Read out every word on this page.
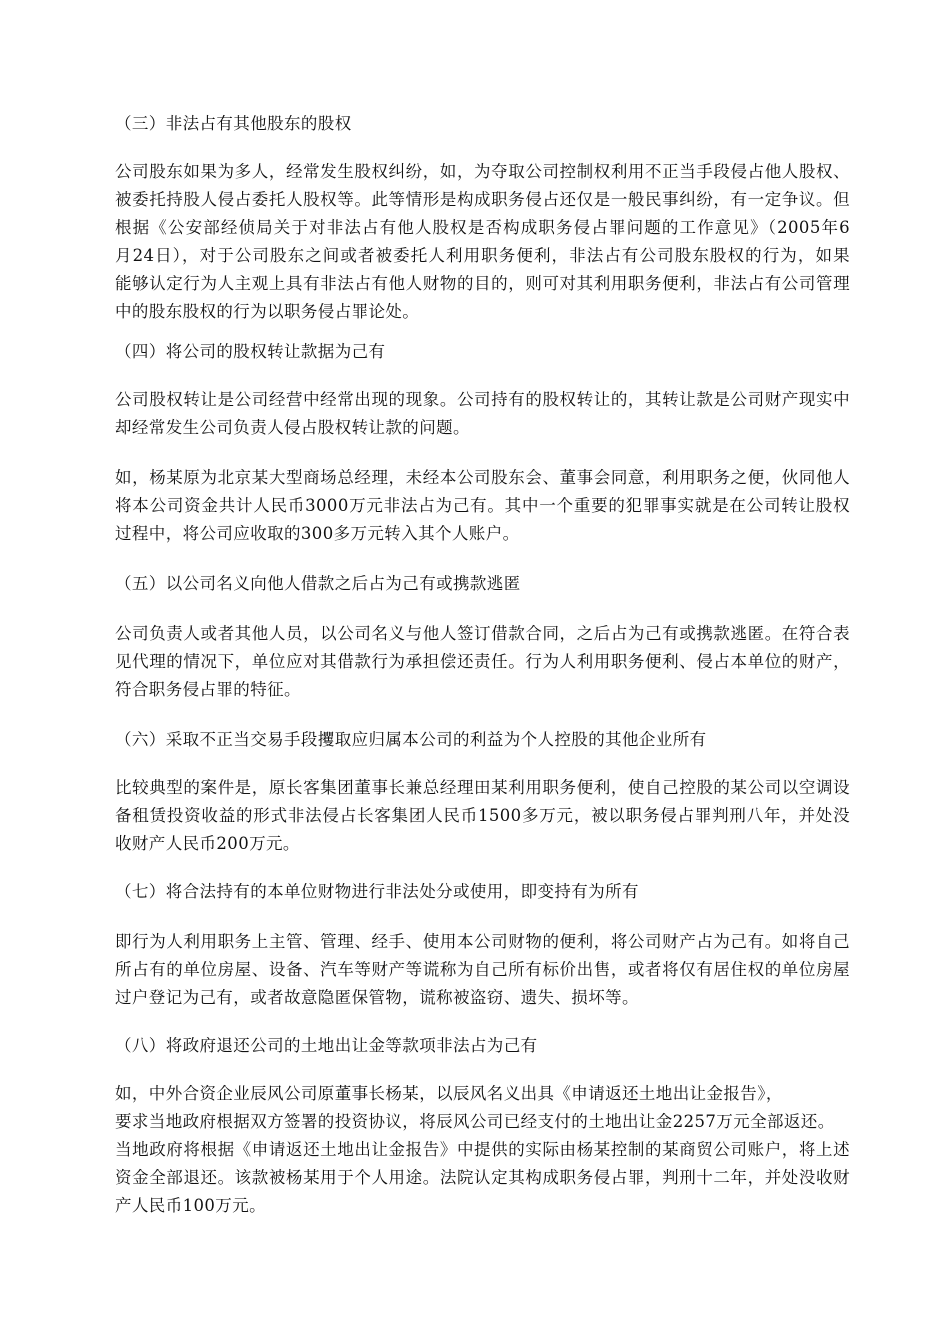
（三）非法占有其他股东的股权

公司股东如果为多人，经常发生股权纠纷，如，为夺取公司控制权利用不正当手段侵占他人股权、
被委托持股人侵占委托人股权等。此等情形是构成职务侵占还仅是一般民事纠纷，有一定争议。但
根据《公安部经侦局关于对非法占有他人股权是否构成职务侵占罪问题的工作意见》（2005年6
月24日），对于公司股东之间或者被委托人利用职务便利，非法占有公司股东股权的行为，如果
能够认定行为人主观上具有非法占有他人财物的目的，则可对其利用职务便利，非法占有公司管理
中的股东股权的行为以职务侵占罪论处。

（四）将公司的股权转让款据为己有

公司股权转让是公司经营中经常出现的现象。公司持有的股权转让的，其转让款是公司财产现实中
却经常发生公司负责人侵占股权转让款的问题。
如，杨某原为北京某大型商场总经理，未经本公司股东会、董事会同意，利用职务之便，伙同他人
将本公司资金共计人民币3000万元非法占为己有。其中一个重要的犯罪事实就是在公司转让股权
过程中，将公司应收取的300多万元转入其个人账户。

（五）以公司名义向他人借款之后占为己有或携款逃匿

公司负责人或者其他人员，以公司名义与他人签订借款合同，之后占为己有或携款逃匿。在符合表
见代理的情况下，单位应对其借款行为承担偿还责任。行为人利用职务便利、侵占本单位的财产，
符合职务侵占罪的特征。

（六）采取不正当交易手段攫取应归属本公司的利益为个人控股的其他企业所有

比较典型的案件是，原长客集团董事长兼总经理田某利用职务便利，使自己控股的某公司以空调设
备租赁投资收益的形式非法侵占长客集团人民币1500多万元，被以职务侵占罪判刑八年，并处没
收财产人民币200万元。

（七）将合法持有的本单位财物进行非法处分或使用，即变持有为所有

即行为人利用职务上主管、管理、经手、使用本公司财物的便利，将公司财产占为己有。如将自己
所占有的单位房屋、设备、汽车等财产等谎称为自己所有标价出售，或者将仅有居住权的单位房屋
过户登记为己有，或者故意隐匿保管物，谎称被盗窃、遗失、损坏等。

（八）将政府退还公司的土地出让金等款项非法占为己有

如，中外合资企业辰风公司原董事长杨某，以辰风名义出具《申请返还土地出让金报告》，
要求当地政府根据双方签署的投资协议，将辰风公司已经支付的土地出让金2257万元全部返还。
当地政府将根据《申请返还土地出让金报告》中提供的实际由杨某控制的某商贸公司账户，将上述
资金全部退还。该款被杨某用于个人用途。法院认定其构成职务侵占罪，判刑十二年，并处没收财
产人民币100万元。
